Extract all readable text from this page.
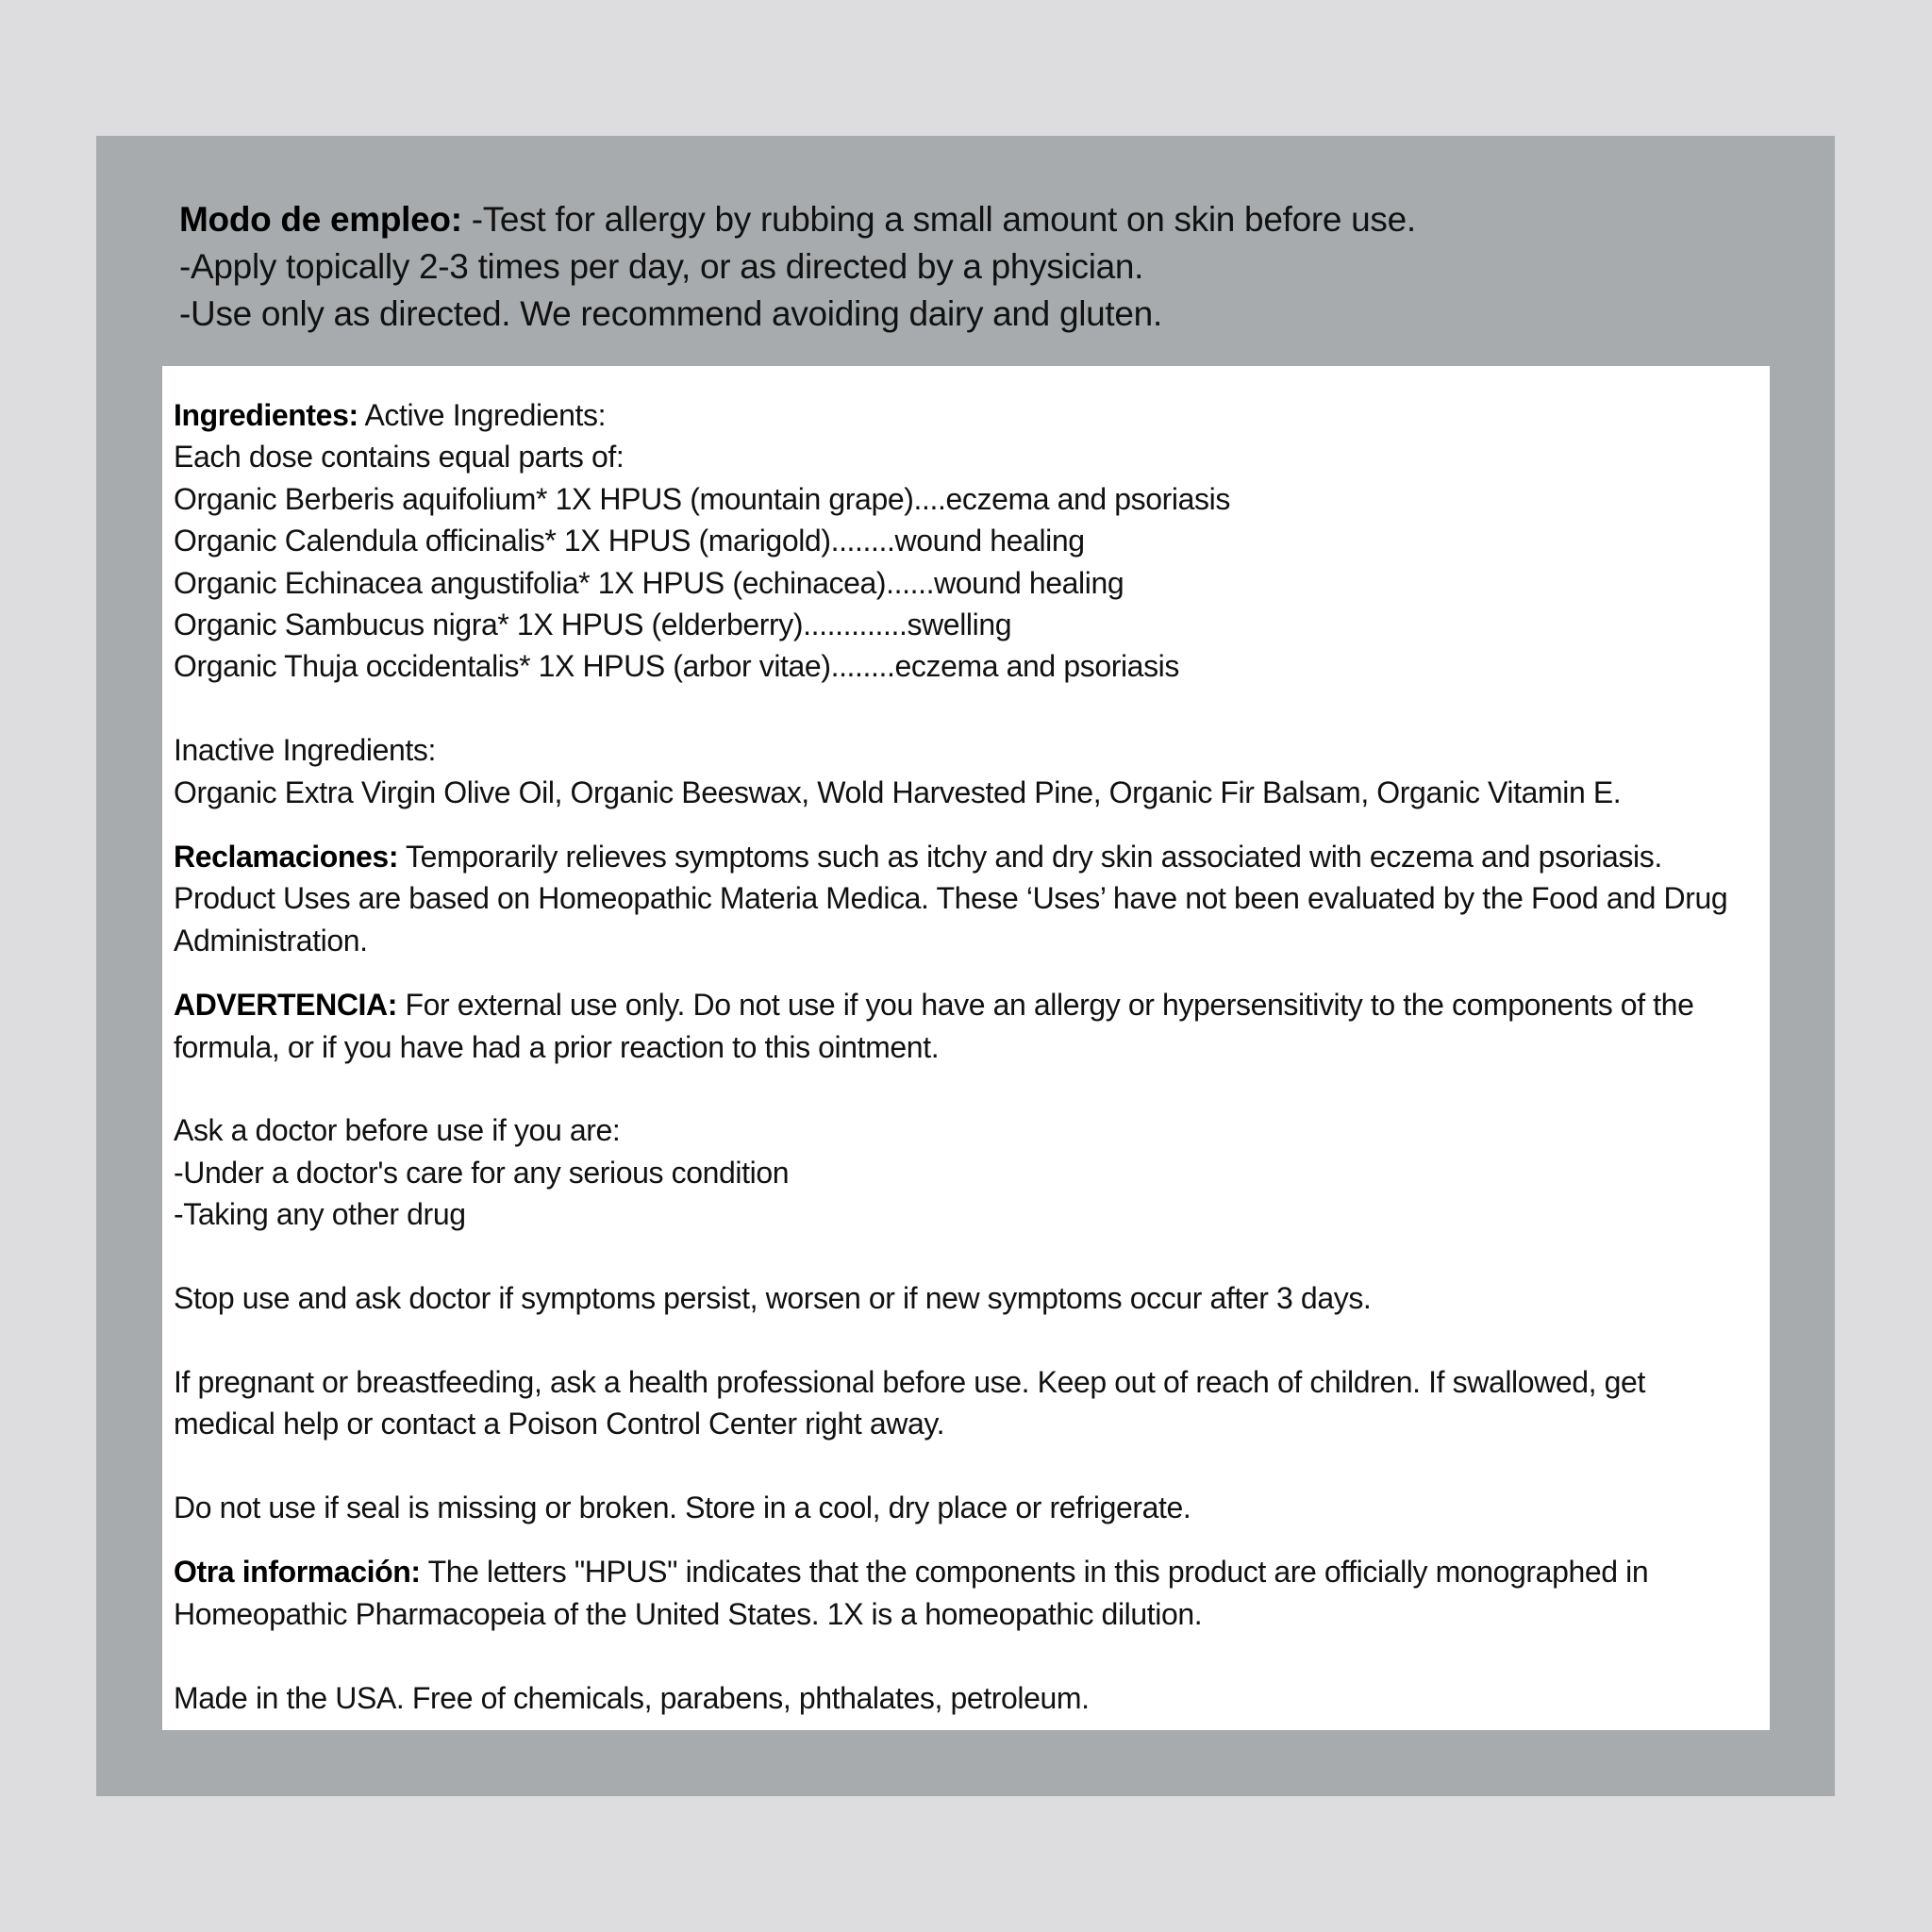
Modo de empleo: -Test for allergy by rubbing a small amount on skin before use.
-Apply topically 2-3 times per day, or as directed by a physician.
-Use only as directed. We recommend avoiding dairy and gluten.
Ingredientes: Active Ingredients:
Each dose contains equal parts of:
Organic Berberis aquifolium* 1X HPUS (mountain grape)....eczema and psoriasis
Organic Calendula officinalis* 1X HPUS (marigold)........wound healing
Organic Echinacea angustifolia* 1X HPUS (echinacea)......wound healing
Organic Sambucus nigra* 1X HPUS (elderberry).............swelling
Organic Thuja occidentalis* 1X HPUS (arbor vitae)........eczema and psoriasis
Inactive Ingredients:
Organic Extra Virgin Olive Oil, Organic Beeswax, Wold Harvested Pine, Organic Fir Balsam, Organic Vitamin E.
Reclamaciones: Temporarily relieves symptoms such as itchy and dry skin associated with eczema and psoriasis.
Product Uses are based on Homeopathic Materia Medica. These ‘Uses’ have not been evaluated by the Food and Drug
Administration.
ADVERTENCIA: For external use only. Do not use if you have an allergy or hypersensitivity to the components of the
formula, or if you have had a prior reaction to this ointment.
Ask a doctor before use if you are:
-Under a doctor's care for any serious condition
-Taking any other drug
Stop use and ask doctor if symptoms persist, worsen or if new symptoms occur after 3 days.
If pregnant or breastfeeding, ask a health professional before use. Keep out of reach of children. If swallowed, get
medical help or contact a Poison Control Center right away.
Do not use if seal is missing or broken. Store in a cool, dry place or refrigerate.
Otra información: The letters "HPUS" indicates that the components in this product are officially monographed in
Homeopathic Pharmacopeia of the United States. 1X is a homeopathic dilution.
Made in the USA. Free of chemicals, parabens, phthalates, petroleum.
